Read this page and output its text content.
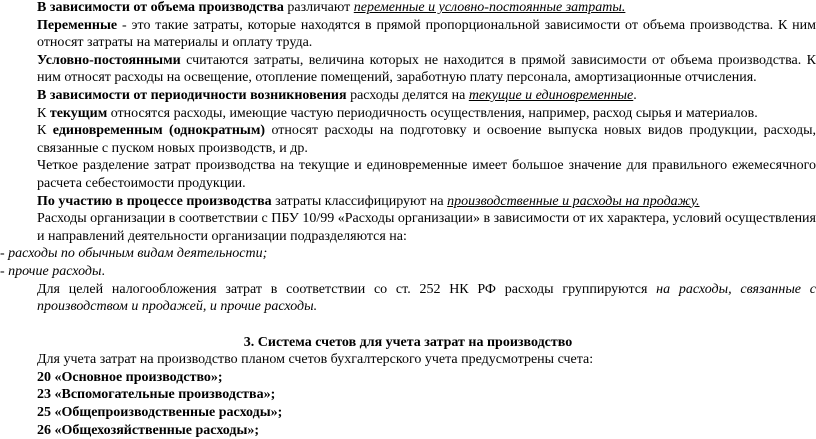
В зависимости от объема производства различают переменные и условно-постоянные затраты.

Переменные - это такие затраты, которые находятся в прямой пропорциональной зависимости от объема производства. К ним относят затраты на материалы и оплату труда.

Условно-постоянными считаются затраты, величина которых не находится в прямой зависимости от объема производства. К ним относят расходы на освещение, отопление помещений, заработную плату персонала, амортизационные отчисления.

В зависимости от периодичности возникновения расходы делятся на текущие и единовременные.

К текущим относятся расходы, имеющие частую периодичность осуществления, например, расход сырья и материалов.

К единовременным (однократным) относят расходы на подготовку и освоение выпуска новых видов продукции, расходы, связанные с пуском новых производств, и др.

Четкое разделение затрат производства на текущие и единовременные имеет большое значение для правильного ежемесячного расчета себестоимости продукции.

По участию в процессе производства затраты классифицируют на производственные и расходы на продажу.

Расходы организации в соответствии с ПБУ 10/99 «Расходы организации» в зависимости от их характера, условий осуществления и направлений деятельности организации подразделяются на:

- расходы по обычным видам деятельности;

- прочие расходы.

Для целей налогообложения затрат в соответствии со ст. 252 НК РФ расходы группируются на расходы, связанные с производством и продажей, и прочие расходы.

3. Система счетов для учета затрат на производство

Для учета затрат на производство планом счетов бухгалтерского учета предусмотрены счета:

20 «Основное производство»;

23 «Вспомогательные производства»;

25 «Общепроизводственные расходы»;

26 «Общехозяйственные расходы»;
